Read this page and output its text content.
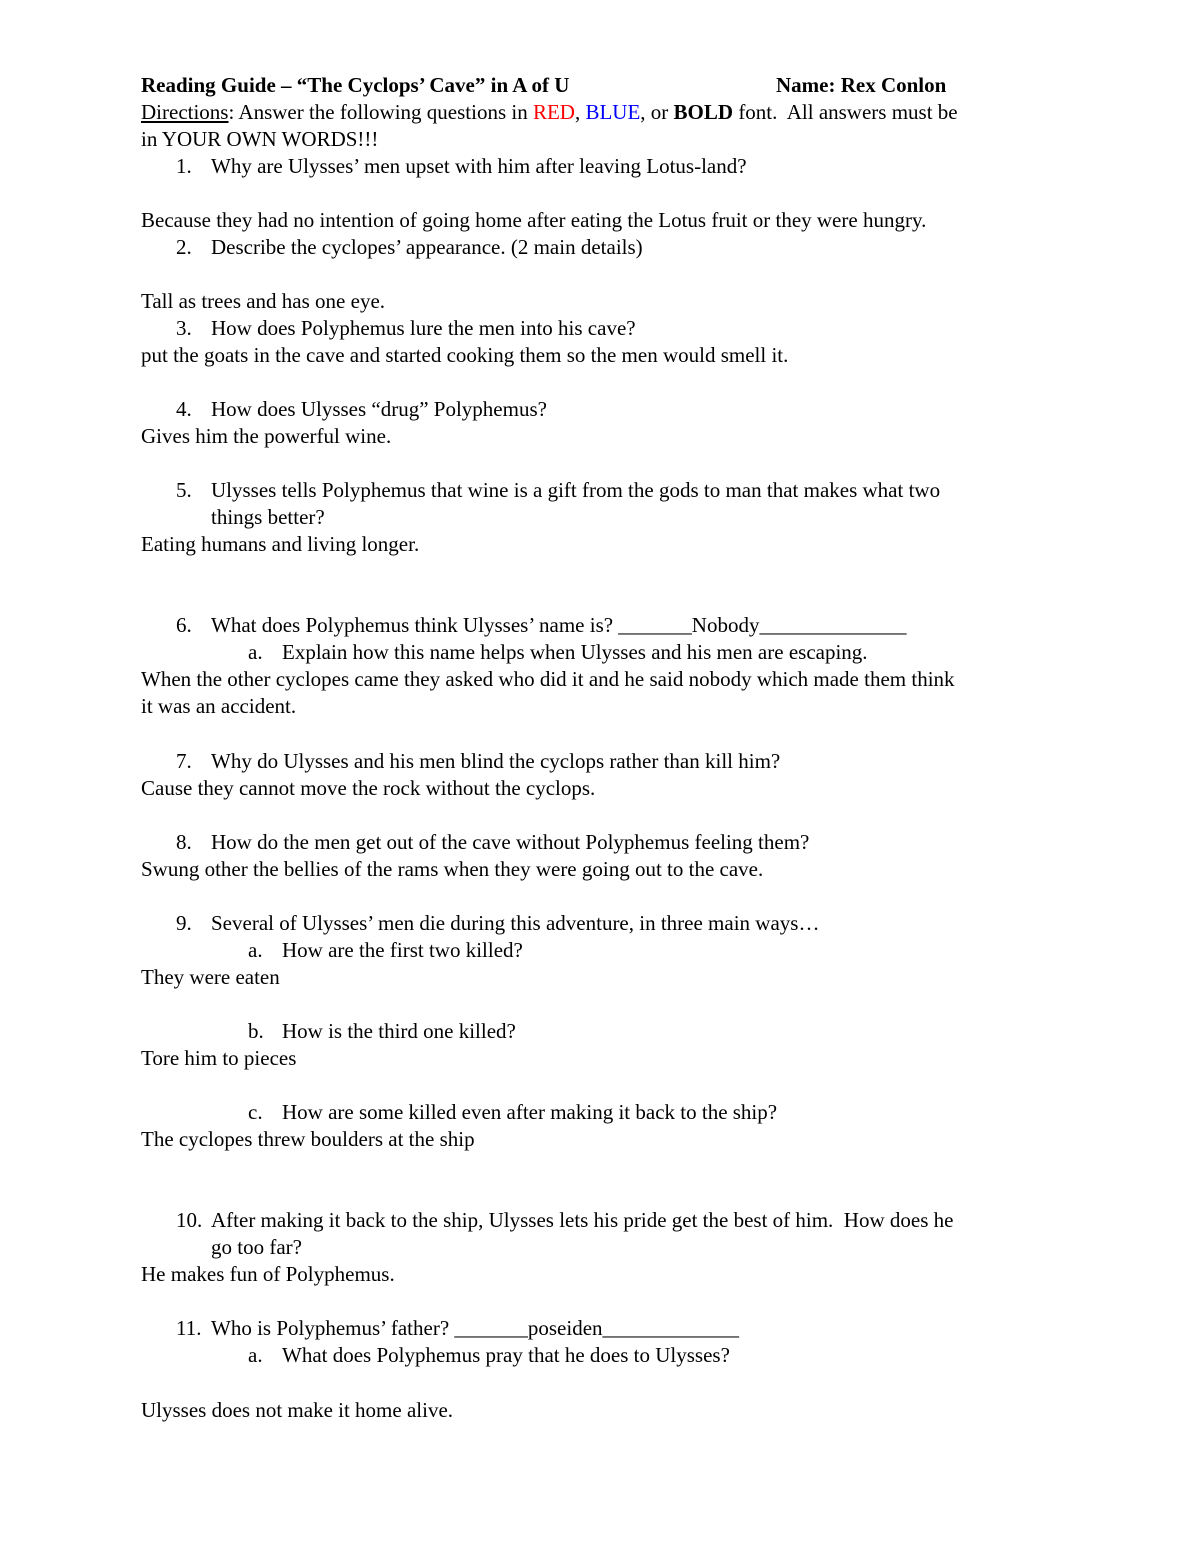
Reading Guide – “The Cyclops’ Cave” in A of U	Name: Rex Conlon
Directions: Answer the following questions in RED, BLUE, or BOLD font.  All answers must be
in YOUR OWN WORDS!!!
1. Why are Ulysses’ men upset with him after leaving Lotus-land?
Because they had no intention of going home after eating the Lotus fruit or they were hungry.
2. Describe the cyclopes’ appearance. (2 main details)
Tall as trees and has one eye.
3. How does Polyphemus lure the men into his cave?
put the goats in the cave and started cooking them so the men would smell it.
4. How does Ulysses “drug” Polyphemus?
Gives him the powerful wine.
5. Ulysses tells Polyphemus that wine is a gift from the gods to man that makes what two
things better?
Eating humans and living longer.
6. What does Polyphemus think Ulysses’ name is? _______Nobody______________
a. Explain how this name helps when Ulysses and his men are escaping.
When the other cyclopes came they asked who did it and he said nobody which made them think
it was an accident.
7. Why do Ulysses and his men blind the cyclops rather than kill him?
Cause they cannot move the rock without the cyclops.
8. How do the men get out of the cave without Polyphemus feeling them?
Swung other the bellies of the rams when they were going out to the cave.
9. Several of Ulysses’ men die during this adventure, in three main ways…
a. How are the first two killed?
They were eaten
b. How is the third one killed?
Tore him to pieces
c. How are some killed even after making it back to the ship?
The cyclopes threw boulders at the ship
10. After making it back to the ship, Ulysses lets his pride get the best of him.  How does he
go too far?
He makes fun of Polyphemus.
11. Who is Polyphemus’ father? _______poseiden_____________
a. What does Polyphemus pray that he does to Ulysses?
Ulysses does not make it home alive.
